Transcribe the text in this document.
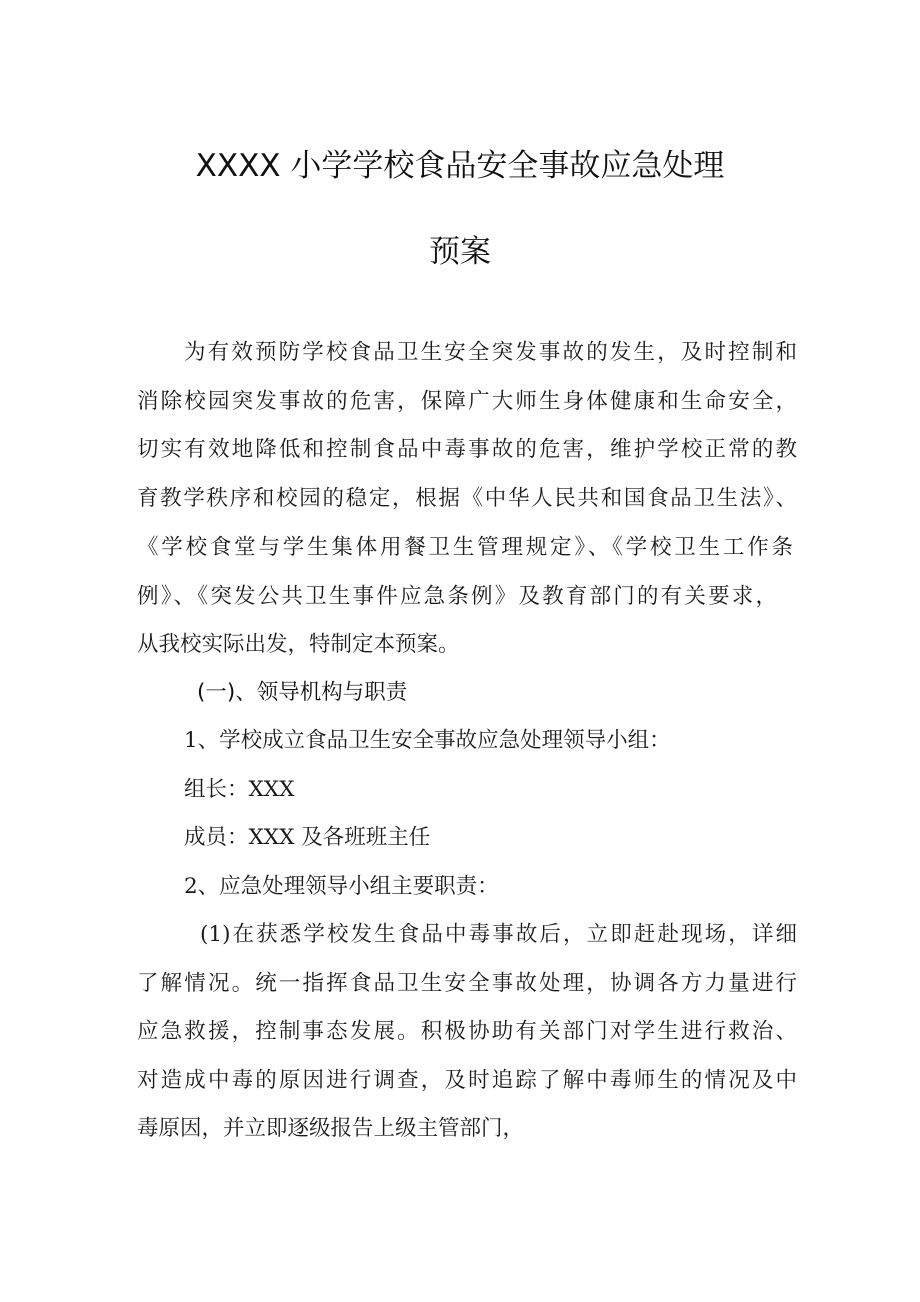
XXXX 小学学校食品安全事故应急处理
预案
为有效预防学校食品卫生安全突发事故的发生，及时控制和
消除校园突发事故的危害，保障广大师生身体健康和生命安全，
切实有效地降低和控制食品中毒事故的危害，维护学校正常的教
育教学秩序和校园的稳定，根据《中华人民共和国食品卫生法》、
《学校食堂与学生集体用餐卫生管理规定》、《学校卫生工作条
例》、《突发公共卫生事件应急条例》及教育部门的有关要求，
从我校实际出发，特制定本预案。
(一)、领导机构与职责
1、学校成立食品卫生安全事故应急处理领导小组：
组长：XXX
成员：XXX 及各班班主任
2、应急处理领导小组主要职责：
(1)在获悉学校发生食品中毒事故后，立即赶赴现场，详细
了解情况。统一指挥食品卫生安全事故处理，协调各方力量进行
应急救援，控制事态发展。积极协助有关部门对学生进行救治、
对造成中毒的原因进行调查，及时追踪了解中毒师生的情况及中
毒原因，并立即逐级报告上级主管部门，
